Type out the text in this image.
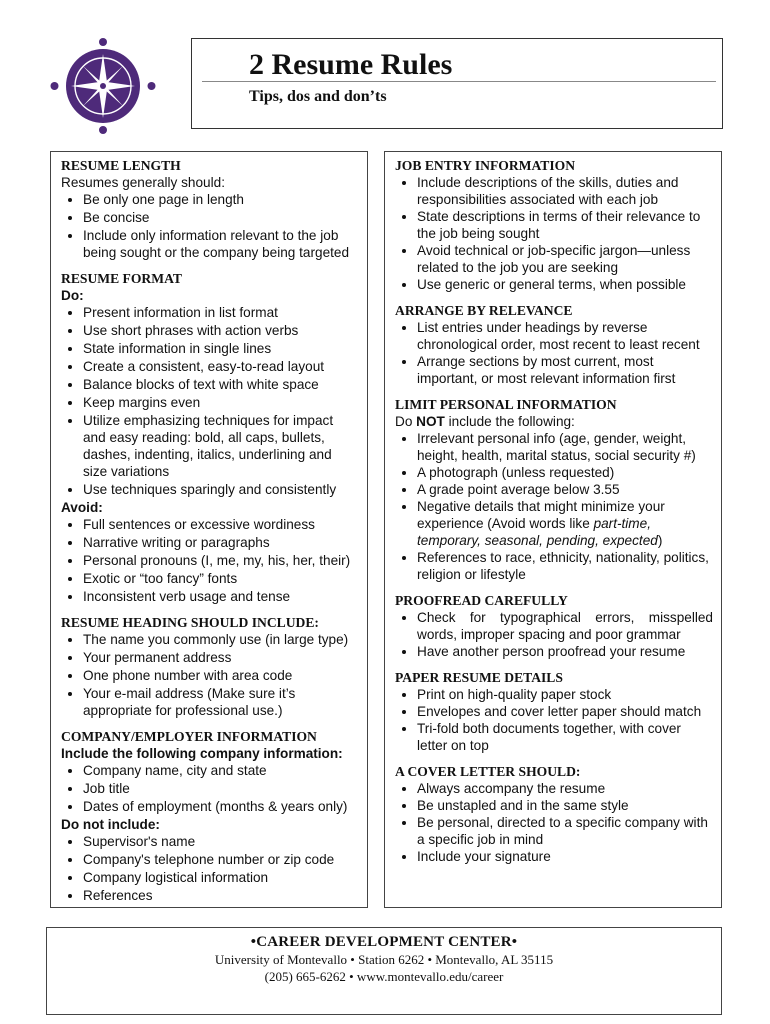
2 Resume Rules
Tips, dos and don’ts
RESUME LENGTH
Resumes generally should:
• Be only one page in length
• Be concise
• Include only information relevant to the job being sought or the company being targeted
RESUME FORMAT
Do:
• Present information in list format
• Use short phrases with action verbs
• State information in single lines
• Create a consistent, easy-to-read layout
• Balance blocks of text with white space
• Keep margins even
• Utilize emphasizing techniques for impact and easy reading: bold, all caps, bullets, dashes, indenting, italics, underlining and size variations
• Use techniques sparingly and consistently
Avoid:
• Full sentences or excessive wordiness
• Narrative writing or paragraphs
• Personal pronouns (I, me, my, his, her, their)
• Exotic or “too fancy” fonts
• Inconsistent verb usage and tense
RESUME HEADING SHOULD INCLUDE:
• The name you commonly use (in large type)
• Your permanent address
• One phone number with area code
• Your e-mail address (Make sure it’s appropriate for professional use.)
COMPANY/EMPLOYER INFORMATION
Include the following company information:
• Company name, city and state
• Job title
• Dates of employment (months & years only)
Do not include:
• Supervisor's name
• Company's telephone number or zip code
• Company logistical information
• References
JOB ENTRY INFORMATION
• Include descriptions of the skills, duties and responsibilities associated with each job
• State descriptions in terms of their relevance to the job being sought
• Avoid technical or job-specific jargon—unless related to the job you are seeking
• Use generic or general terms, when possible
ARRANGE BY RELEVANCE
• List entries under headings by reverse chronological order, most recent to least recent
• Arrange sections by most current, most important, or most relevant information first
LIMIT PERSONAL INFORMATION
Do NOT include the following:
• Irrelevant personal info (age, gender, weight, height, health, marital status, social security #)
• A photograph (unless requested)
• A grade point average below 3.55
• Negative details that might minimize your experience (Avoid words like part-time, temporary, seasonal, pending, expected)
• References to race, ethnicity, nationality, politics, religion or lifestyle
PROOFREAD CAREFULLY
• Check for typographical errors, misspelled words, improper spacing and poor grammar
• Have another person proofread your resume
PAPER RESUME DETAILS
• Print on high-quality paper stock
• Envelopes and cover letter paper should match
• Tri-fold both documents together, with cover letter on top
A COVER LETTER SHOULD:
• Always accompany the resume
• Be unstapled and in the same style
• Be personal, directed to a specific company with a specific job in mind
• Include your signature
•CAREER DEVELOPMENT CENTER•
University of Montevallo • Station 6262 • Montevallo, AL 35115
(205) 665-6262 • www.montevallo.edu/career
